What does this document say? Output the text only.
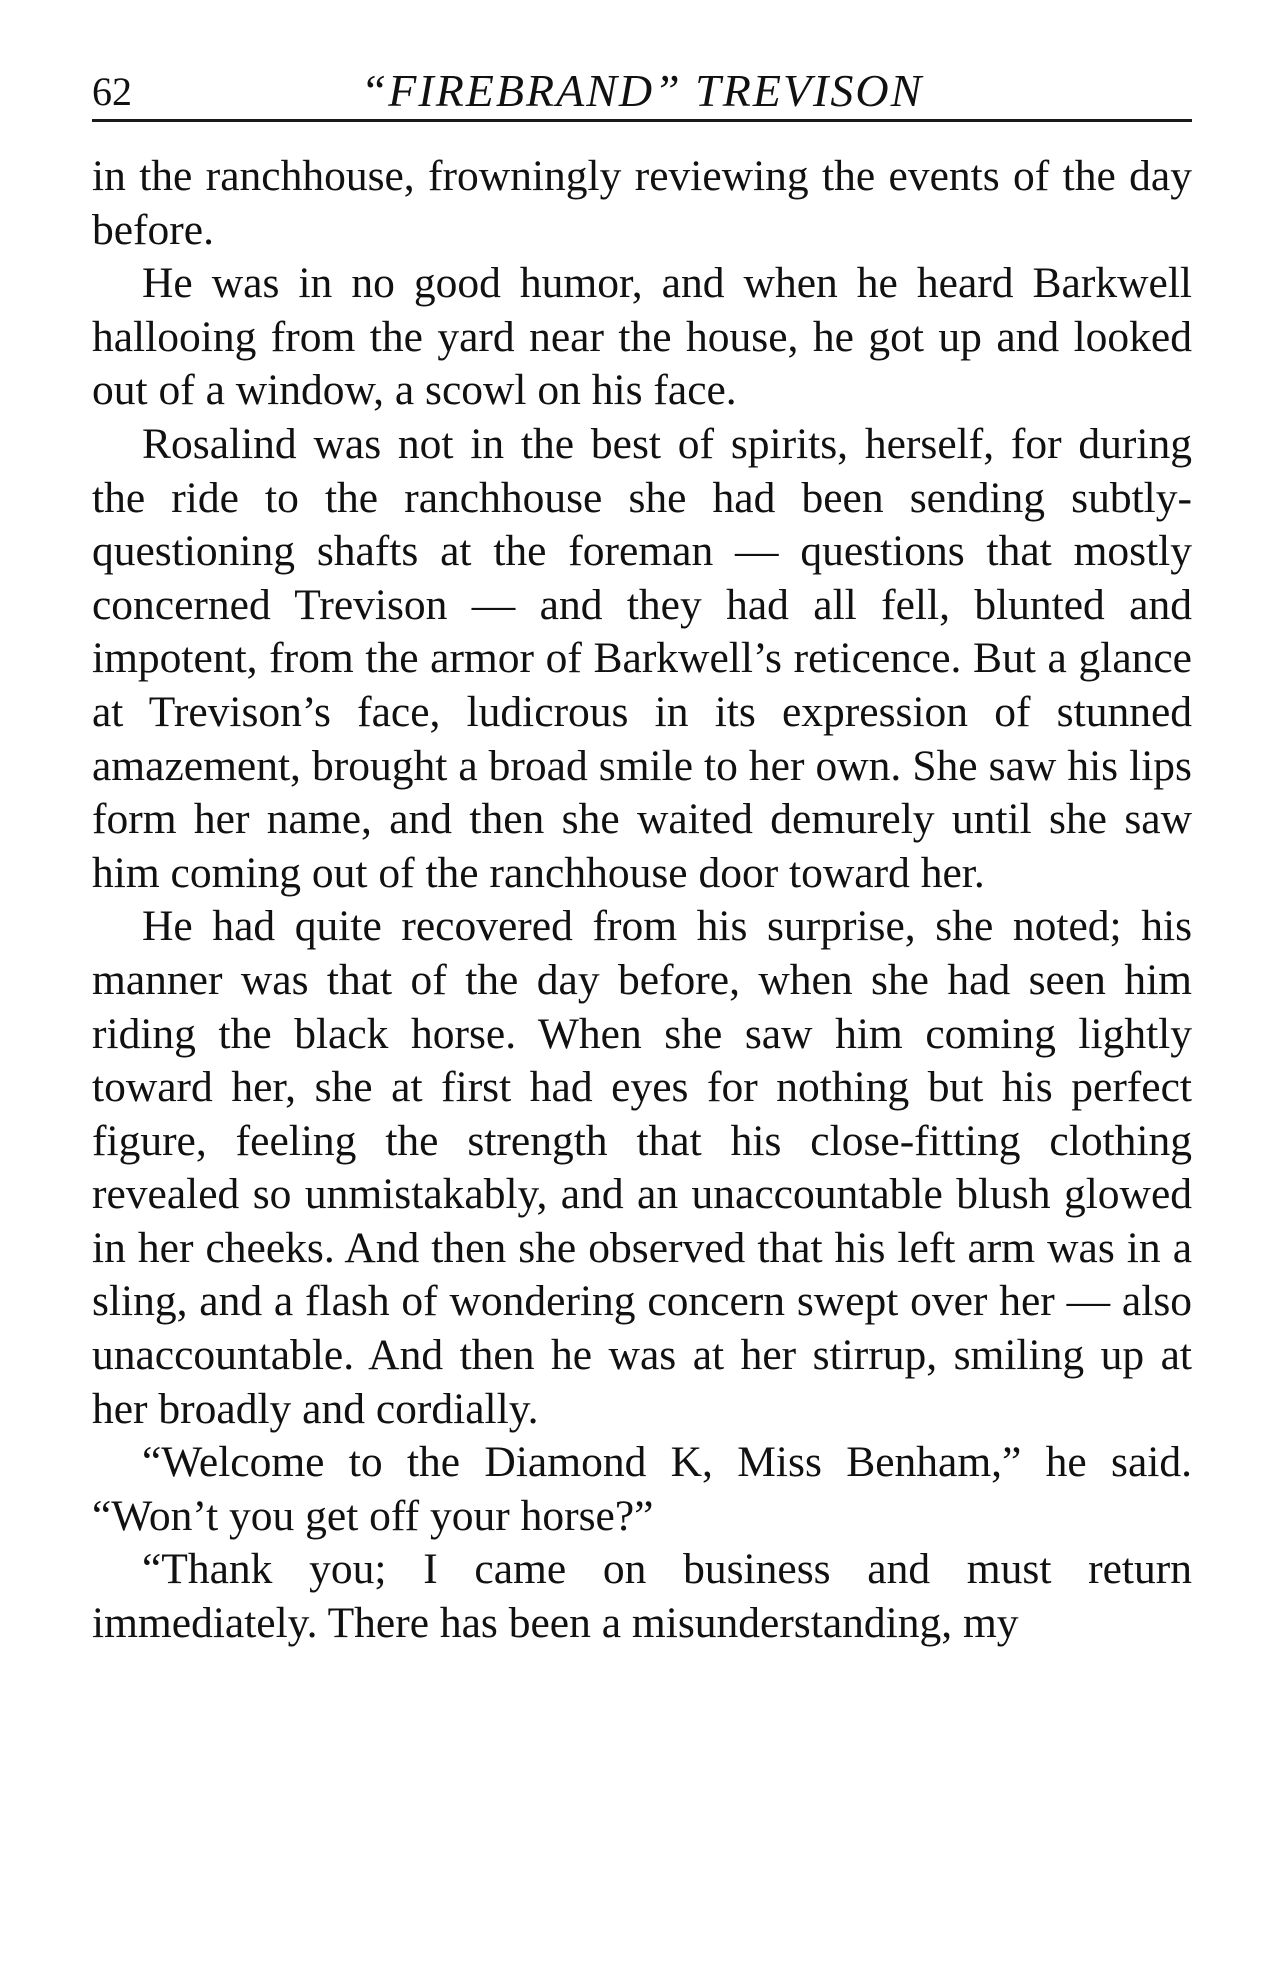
62	“FIREBRAND” TREVISON

in the ranchhouse, frowningly reviewing the events of the day before.

He was in no good humor, and when he heard Barkwell hallooing from the yard near the house, he got up and looked out of a window, a scowl on his face.

Rosalind was not in the best of spirits, herself, for during the ride to the ranchhouse she had been sending subtly-questioning shafts at the foreman — questions that mostly concerned Trevison — and they had all fell, blunted and impotent, from the armor of Barkwell’s reticence. But a glance at Trevison’s face, ludicrous in its expression of stunned amazement, brought a broad smile to her own. She saw his lips form her name, and then she waited demurely until she saw him coming out of the ranchhouse door toward her.

He had quite recovered from his surprise, she noted; his manner was that of the day before, when she had seen him riding the black horse. When she saw him coming lightly toward her, she at first had eyes for nothing but his perfect figure, feeling the strength that his close-fitting clothing revealed so unmistakably, and an unaccountable blush glowed in her cheeks. And then she observed that his left arm was in a sling, and a flash of wondering concern swept over her — also unaccountable. And then he was at her stirrup, smiling up at her broadly and cordially.

“Welcome to the Diamond K, Miss Benham,” he said. “Won’t you get off your horse?”

“Thank you; I came on business and must return immediately. There has been a misunderstanding, my
